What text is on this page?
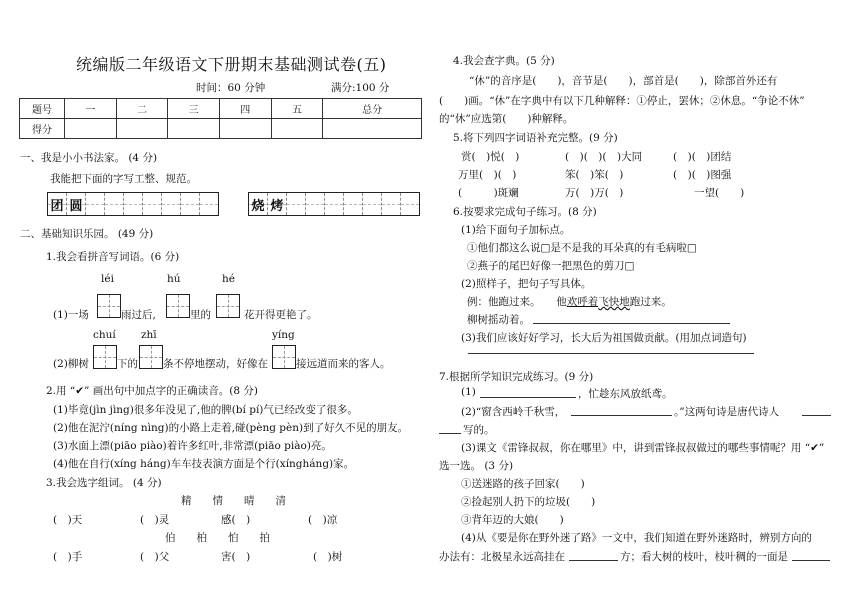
统编版二年级语文下册期末基础测试卷(五)
时间：60 分钟	满分:100 分
题号	一	二	三	四	五	总分
得分						
一、我是小小书法家。 (4 分)
我能把下面的字写工整、规范。
团 圆	烧 烤
二、基础知识乐园。 (49 分)
1.我会看拼音写词语。(6 分)
léi	hú	hé
(1)一场	雨过后,	里的	花开得更艳了。
chuí zhī	yíng
(2)柳树	下的 条不停地摆动，好像在	接远道而来的客人。
2.用 “✔” 画出句中加点字的正确读音。(8 分)
(1)毕竟(jìn jìng)很多年没见了,他的脾(bí pí)气已经改变了很多。
(2)他在泥泞(níng nìng)的小路上走着,碰(pèng pèn)到了好久不见的朋友。
(3)水面上漂(piāo piào)着许多红叶,非常漂(piāo piào)亮。
(4)他在自行(xíng háng)车车技表演方面是个行(xíngháng)家。
3.我会选字组词。 (4 分)
精　　情　　晴　　清
(　)天	(　)灵	感(　)	(　)凉
伯　　柏　　怕　　拍
(　)手	(　)父	害(　)	(　)树
4.我会查字典。(5 分)
“休”的音序是(　　)，音节是(　　)，部首是(　　)，除部首外还有
(　　)画。“休”在字典中有以下几种解释：①停止，罢休；②休息。“争论不休”
的“休”应选第(　　)种解释。
5.将下列四字词语补充完整。(9 分)
赏(　)悦(　)	(　)(　)(　)大同	(　)(　)团结
万里(　)(　)	笨(　)笨(　)	(　)(　)图强
(　　　)斑斓	万(　)万(　)	一望(　　)
6.按要求完成句子练习。(8 分)
(1)给下面句子加标点。
①他们都这么说□是不是我的耳朵真的有毛病啦□
②燕子的尾巴好像一把黑色的剪刀□
(2)照样子，把句子写具体。
例：他跑过来。　　他欢呼着飞快地跑过来。
柳树摇动着。
(3)我们应该好好学习，长大后为祖国做贡献。(用加点词造句)
7.根据所学知识完成练习。(9 分)
(1)	，忙趁东风放纸鸢。
(2)“窗含西岭千秋雪，	。”这两句诗是唐代诗人
写的。
(3)课文《雷锋叔叔，你在哪里》中，讲到雷锋叔叔做过的哪些事情呢？用 “✔”
选一选。 (3 分)
①送迷路的孩子回家(　　)
②捡起别人扔下的垃圾(　　)
③背年迈的大娘(　　)
(4)从《要是你在野外迷了路》一文中，我们知道在野外迷路时，辨别方向的
办法有：北极星永远高挂在	方；看大树的枝叶，枝叶稠的一面是
